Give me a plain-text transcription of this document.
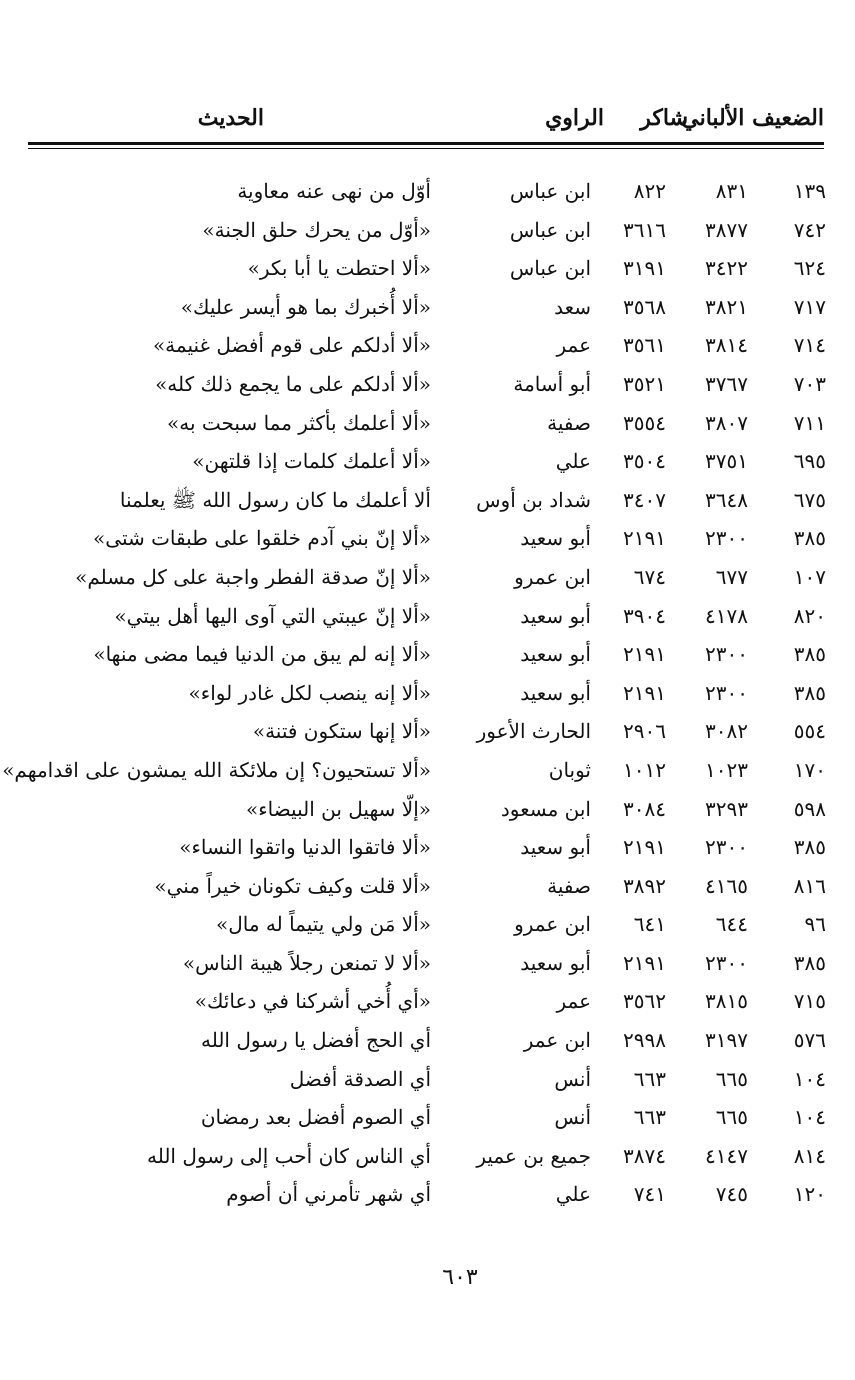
الضعيف الألباني
شاكر
الراوي
الحديث
١٣٩
٨٣١
٨٢٢
ابن عباس
أوّل من نهى عنه معاوية
٧٤٢
٣٨٧٧
٣٦١٦
ابن عباس
«أوّل من يحرك حلق الجنة»
٦٢٤
٣٤٢٢
٣١٩١
ابن عباس
«ألا احتطت يا أبا بكر»
٧١٧
٣٨٢١
٣٥٦٨
سعد
«ألا أُخبرك بما هو أيسر عليك»
٧١٤
٣٨١٤
٣٥٦١
عمر
«ألا أدلكم على قوم أفضل غنيمة»
٧٠٣
٣٧٦٧
٣٥٢١
أبو أسامة
«ألا أدلكم على ما يجمع ذلك كله»
٧١١
٣٨٠٧
٣٥٥٤
صفية
«ألا أعلمك بأكثر مما سبحت به»
٦٩٥
٣٧٥١
٣٥٠٤
علي
«ألا أعلمك كلمات إذا قلتهن»
٦٧٥
٣٦٤٨
٣٤٠٧
شداد بن أوس
ألا أعلمك ما كان رسول الله ﷺ يعلمنا
٣٨٥
٢٣٠٠
٢١٩١
أبو سعيد
«ألا إنّ بني آدم خلقوا على طبقات شتى»
١٠٧
٦٧٧
٦٧٤
ابن عمرو
«ألا إنّ صدقة الفطر واجبة على كل مسلم»
٨٢٠
٤١٧٨
٣٩٠٤
أبو سعيد
«ألا إنّ عيبتي التي آوى اليها أهل بيتي»
٣٨٥
٢٣٠٠
٢١٩١
أبو سعيد
«ألا إنه لم يبق من الدنيا فيما مضى منها»
٣٨٥
٢٣٠٠
٢١٩١
أبو سعيد
«ألا إنه ينصب لكل غادر لواء»
٥٥٤
٣٠٨٢
٢٩٠٦
الحارث الأعور
«ألا إنها ستكون فتنة»
١٧٠
١٠٢٣
١٠١٢
ثوبان
«ألا تستحيون؟ إن ملائكة الله يمشون على اقدامهم»
٥٩٨
٣٢٩٣
٣٠٨٤
ابن مسعود
«إلّا سهيل بن البيضاء»
٣٨٥
٢٣٠٠
٢١٩١
أبو سعيد
«ألا فاتقوا الدنيا واتقوا النساء»
٨١٦
٤١٦٥
٣٨٩٢
صفية
«ألا قلت وكيف تكونان خيراً مني»
٩٦
٦٤٤
٦٤١
ابن عمرو
«ألا مَن ولي يتيماً له مال»
٣٨٥
٢٣٠٠
٢١٩١
أبو سعيد
«ألا لا تمنعن رجلاً هيبة الناس»
٧١٥
٣٨١٥
٣٥٦٢
عمر
«أي أُخي أشركنا في دعائك»
٥٧٦
٣١٩٧
٢٩٩٨
ابن عمر
أي الحج أفضل يا رسول الله
١٠٤
٦٦٥
٦٦٣
أنس
أي الصدقة أفضل
١٠٤
٦٦٥
٦٦٣
أنس
أي الصوم أفضل بعد رمضان
٨١٤
٤١٤٧
٣٨٧٤
جميع بن عمير
أي الناس كان أحب إلى رسول الله
١٢٠
٧٤٥
٧٤١
علي
أي شهر تأمرني أن أصوم
٦٠٣
